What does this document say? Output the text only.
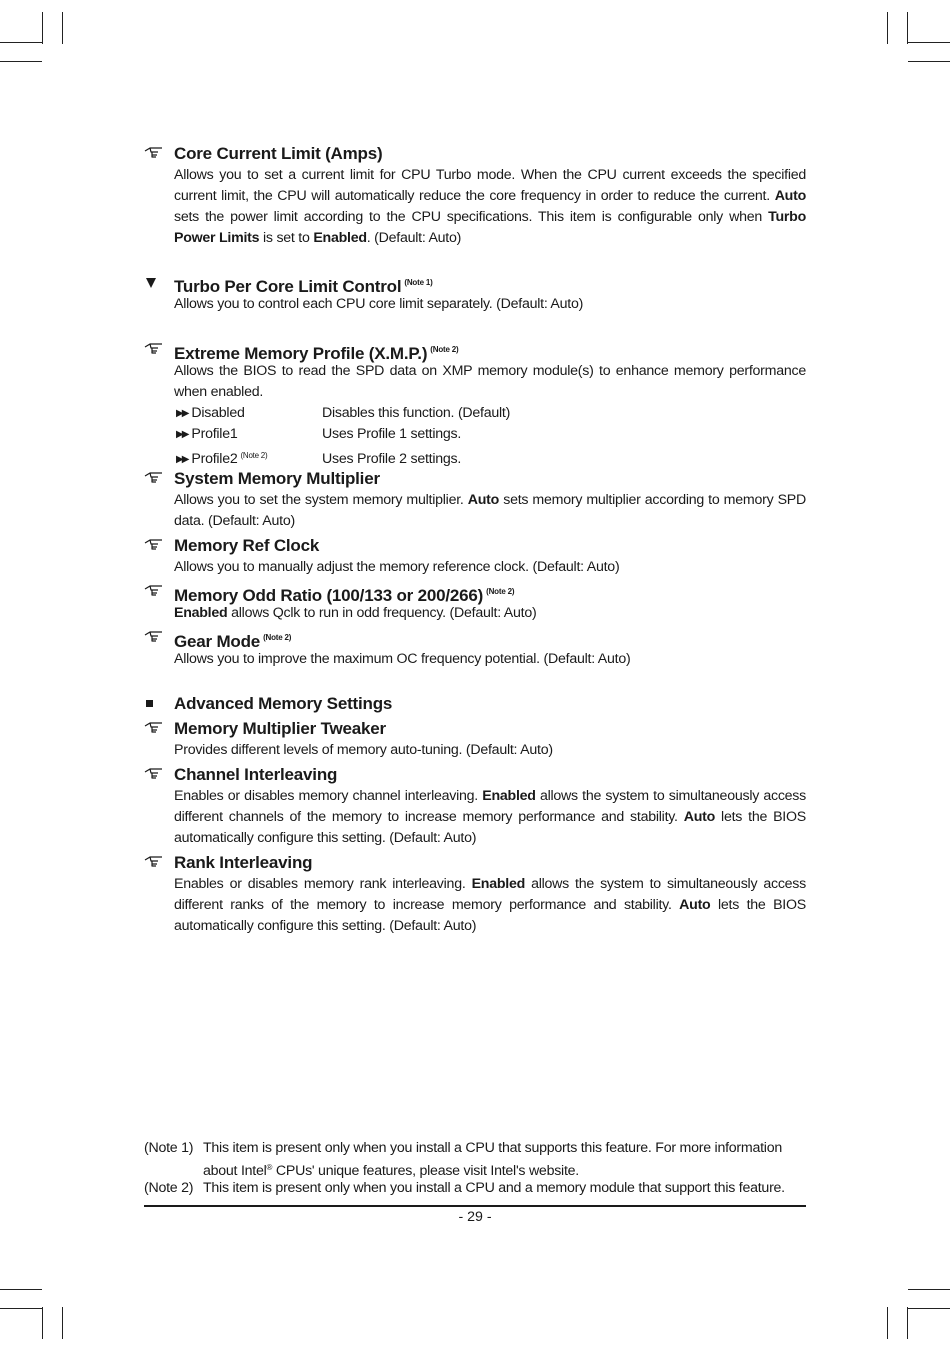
Core Current Limit (Amps)
Allows you to set a current limit for CPU Turbo mode. When the CPU current exceeds the specified current limit, the CPU will automatically reduce the core frequency in order to reduce the current. Auto sets the power limit according to the CPU specifications. This item is configurable only when Turbo Power Limits is set to Enabled. (Default: Auto)
Turbo Per Core Limit Control $^{(Note 1)}$
Allows you to control each CPU core limit separately. (Default: Auto)
Extreme Memory Profile (X.M.P.) $^{(Note 2)}$
Allows the BIOS to read the SPD data on XMP memory module(s) to enhance memory performance when enabled.
▶▶ Disabled	Disables this function. (Default)
▶▶ Profile1	Uses Profile 1 settings.
▶▶ Profile2 $^{(Note 2)}$	Uses Profile 2 settings.
System Memory Multiplier
Allows you to set the system memory multiplier. Auto sets memory multiplier according to memory SPD data. (Default: Auto)
Memory Ref Clock
Allows you to manually adjust the memory reference clock. (Default: Auto)
Memory Odd Ratio (100/133 or 200/266) $^{(Note 2)}$
Enabled allows Qclk to run in odd frequency. (Default: Auto)
Gear Mode $^{(Note 2)}$
Allows you to improve the maximum OC frequency potential. (Default: Auto)
Advanced Memory Settings
Memory Multiplier Tweaker
Provides different levels of memory auto-tuning. (Default: Auto)
Channel Interleaving
Enables or disables memory channel interleaving. Enabled allows the system to simultaneously access different channels of the memory to increase memory performance and stability. Auto lets the BIOS automatically configure this setting. (Default: Auto)
Rank Interleaving
Enables or disables memory rank interleaving. Enabled allows the system to simultaneously access different ranks of the memory to increase memory performance and stability. Auto lets the BIOS automatically configure this setting. (Default: Auto)
(Note 1) This item is present only when you install a CPU that supports this feature. For more information about Intel® CPUs' unique features, please visit Intel's website.
(Note 2) This item is present only when you install a CPU and a memory module that support this feature.
- 29 -
